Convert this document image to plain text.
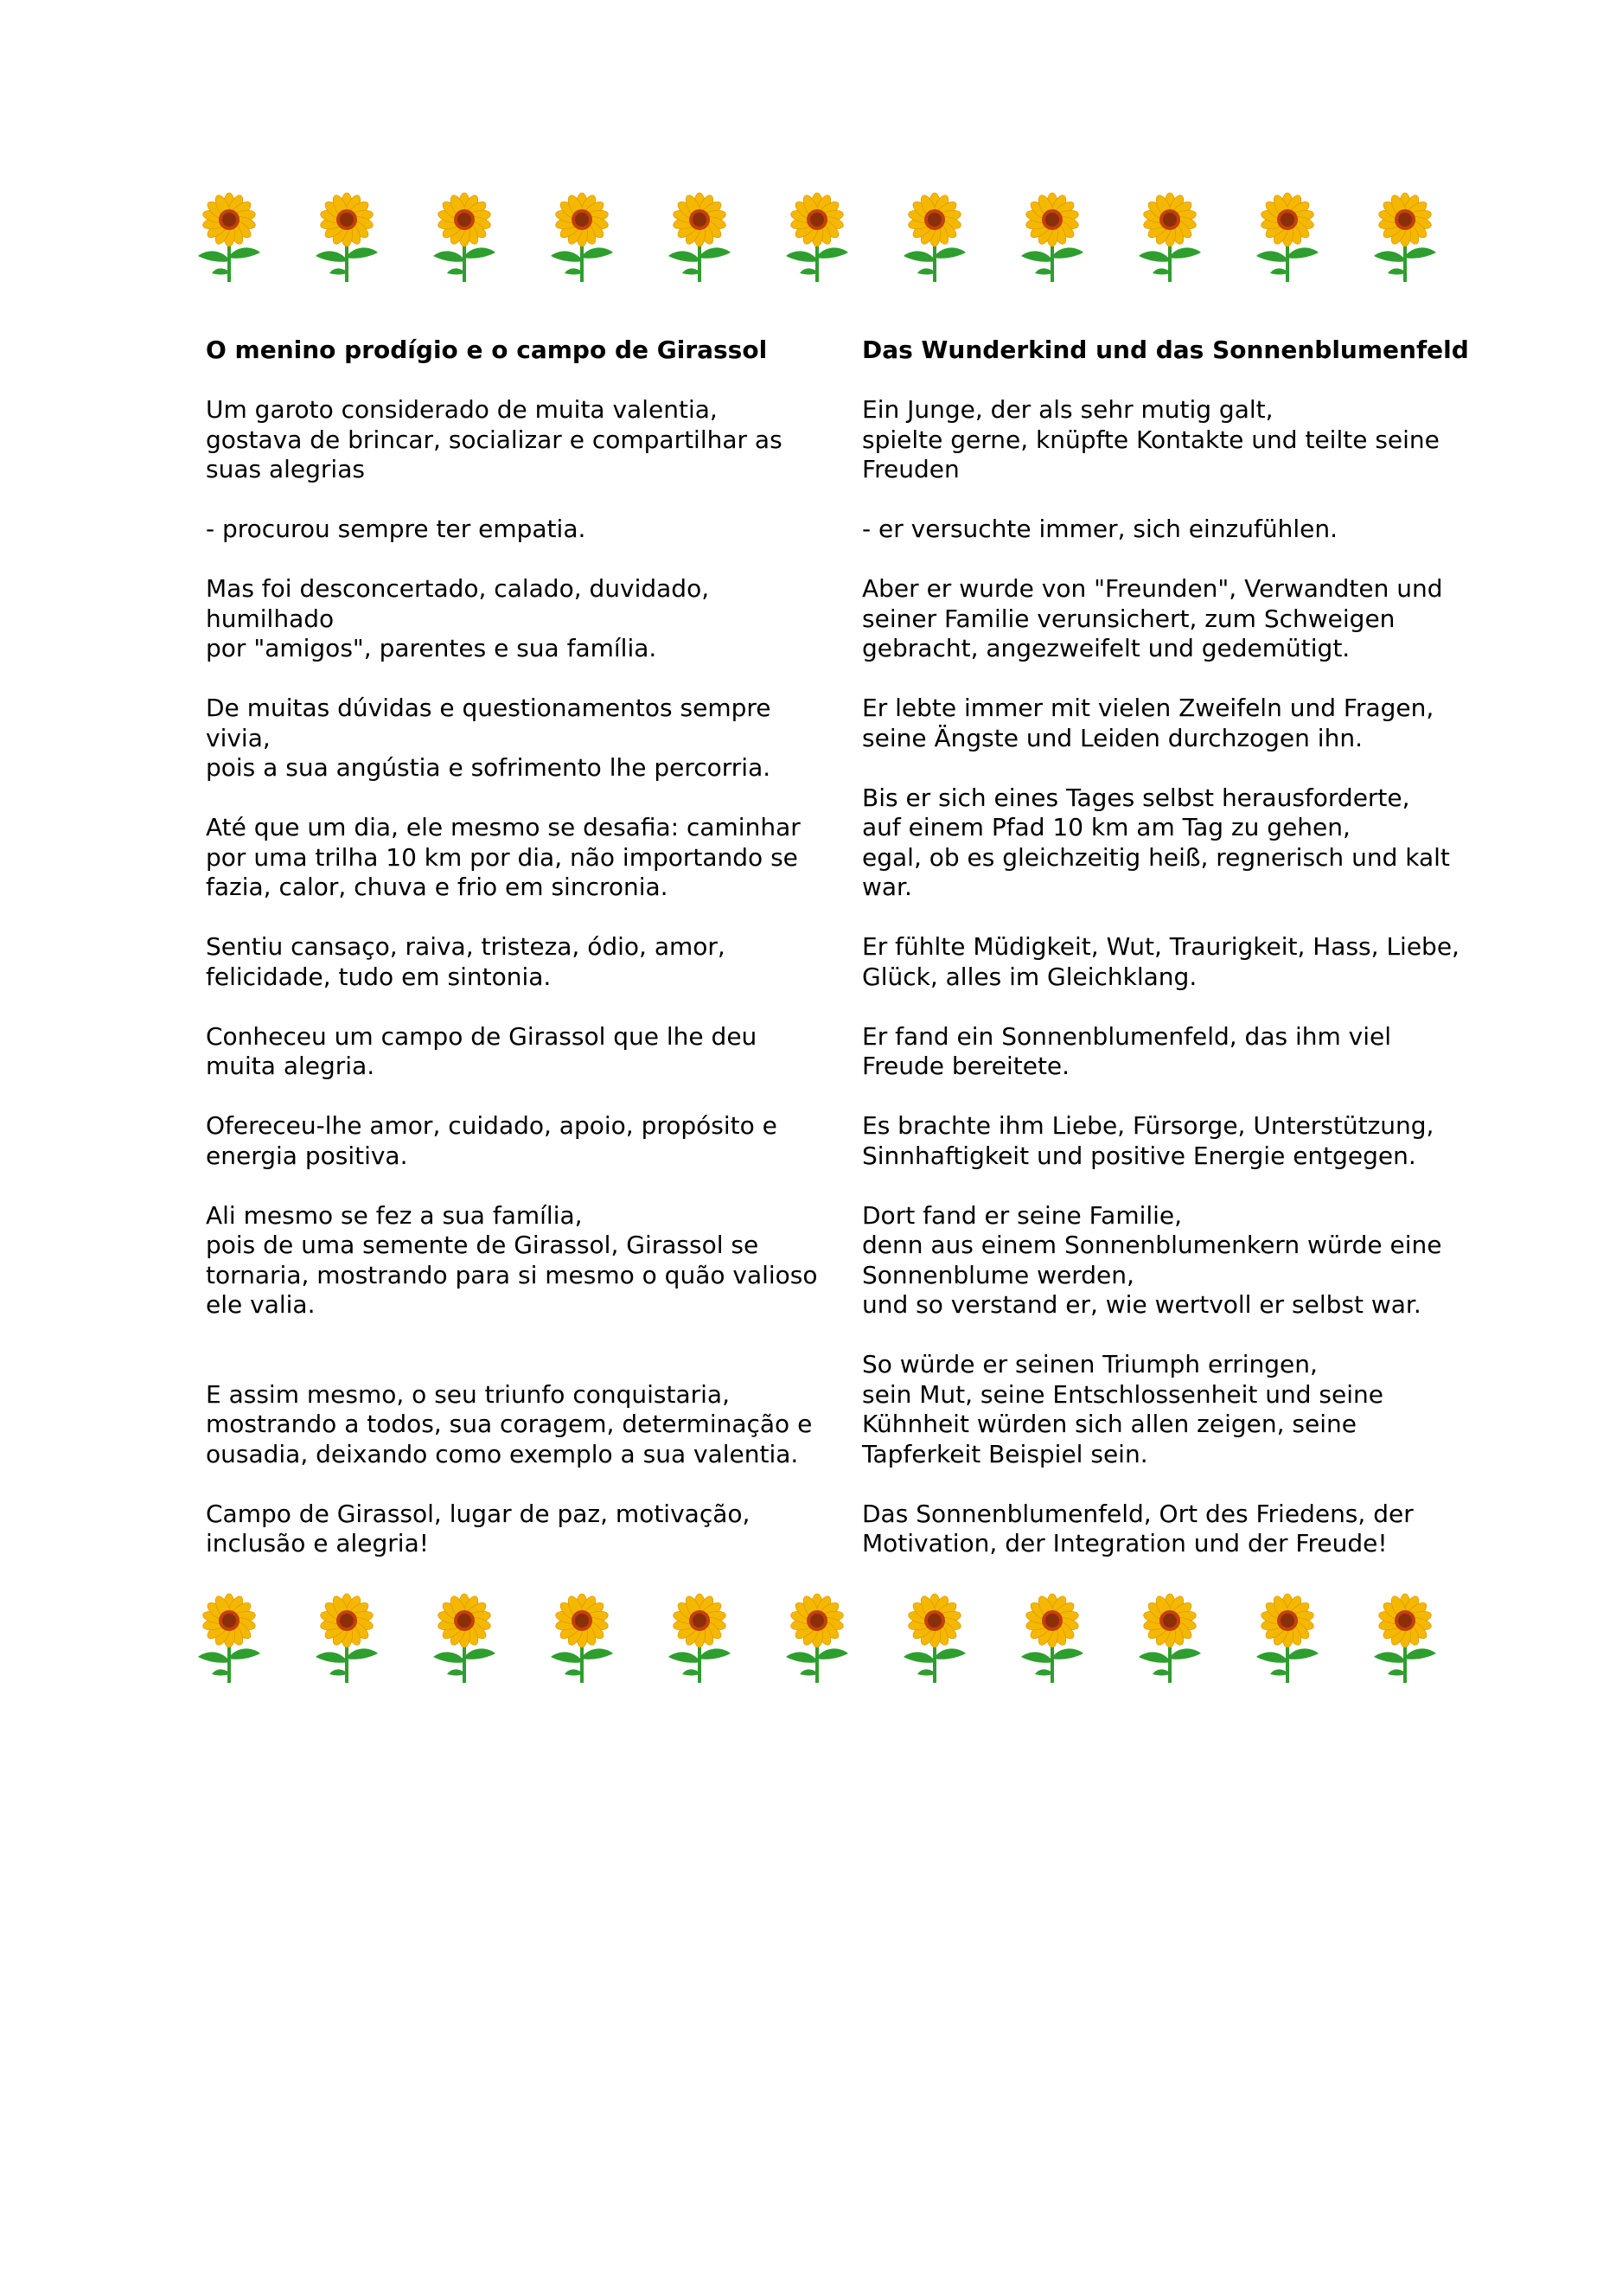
O menino prodígio e o campo de Girassol
Um garoto considerado de muita valentia,
gostava de brincar, socializar e compartilhar as
suas alegrias
- procurou sempre ter empatia.
Mas foi desconcertado, calado, duvidado,
humilhado
por "amigos", parentes e sua família.
De muitas dúvidas e questionamentos sempre
vivia,
pois a sua angústia e sofrimento lhe percorria.
Até que um dia, ele mesmo se desafia: caminhar
por uma trilha 10 km por dia, não importando se
fazia, calor, chuva e frio em sincronia.
Sentiu cansaço, raiva, tristeza, ódio, amor,
felicidade, tudo em sintonia.
Conheceu um campo de Girassol que lhe deu
muita alegria.
Ofereceu-lhe amor, cuidado, apoio, propósito e
energia positiva.
Ali mesmo se fez a sua família,
pois de uma semente de Girassol, Girassol se
tornaria, mostrando para si mesmo o quão valioso
ele valia.
E assim mesmo, o seu triunfo conquistaria,
mostrando a todos, sua coragem, determinação e
ousadia, deixando como exemplo a sua valentia.
Campo de Girassol, lugar de paz, motivação,
inclusão e alegria!
Das Wunderkind und das Sonnenblumenfeld
Ein Junge, der als sehr mutig galt,
spielte gerne, knüpfte Kontakte und teilte seine
Freuden
- er versuchte immer, sich einzufühlen.
Aber er wurde von "Freunden", Verwandten und
seiner Familie verunsichert, zum Schweigen
gebracht, angezweifelt und gedemütigt.
Er lebte immer mit vielen Zweifeln und Fragen,
seine Ängste und Leiden durchzogen ihn.
Bis er sich eines Tages selbst herausforderte,
auf einem Pfad 10 km am Tag zu gehen,
egal, ob es gleichzeitig heiß, regnerisch und kalt
war.
Er fühlte Müdigkeit, Wut, Traurigkeit, Hass, Liebe,
Glück, alles im Gleichklang.
Er fand ein Sonnenblumenfeld, das ihm viel
Freude bereitete.
Es brachte ihm Liebe, Fürsorge, Unterstützung,
Sinnhaftigkeit und positive Energie entgegen.
Dort fand er seine Familie,
denn aus einem Sonnenblumenkern würde eine
Sonnenblume werden,
und so verstand er, wie wertvoll er selbst war.
So würde er seinen Triumph erringen,
sein Mut, seine Entschlossenheit und seine
Kühnheit würden sich allen zeigen, seine
Tapferkeit Beispiel sein.
Das Sonnenblumenfeld, Ort des Friedens, der
Motivation, der Integration und der Freude!
